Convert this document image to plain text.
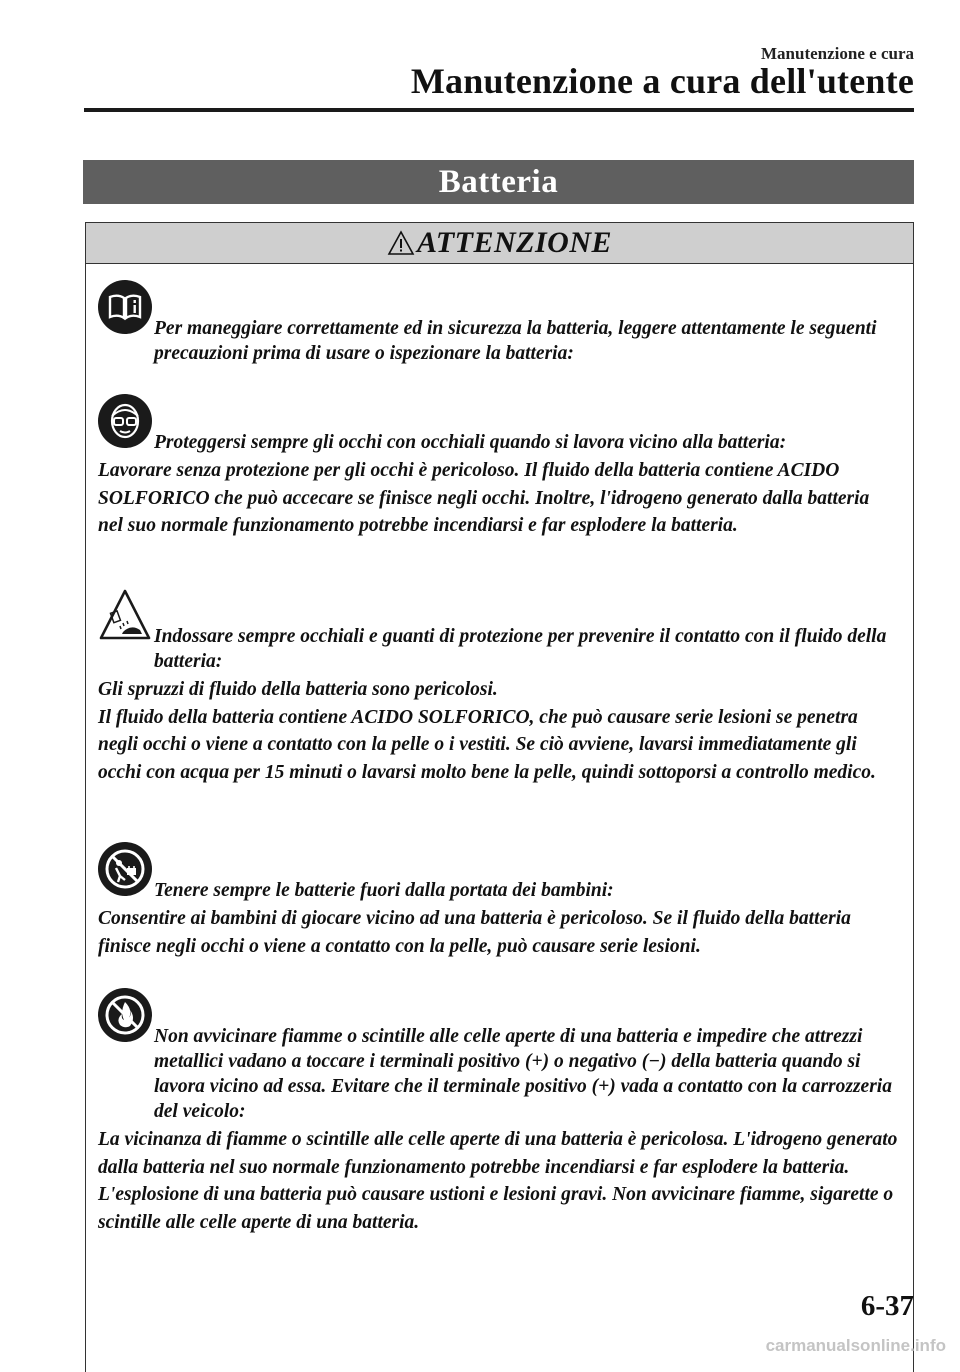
Manutenzione e cura
Manutenzione a cura dell'utente
Batteria
ATTENZIONE
Per maneggiare correttamente ed in sicurezza la batteria, leggere attentamente le seguenti precauzioni prima di usare o ispezionare la batteria:
Proteggersi sempre gli occhi con occhiali quando si lavora vicino alla batteria:
Lavorare senza protezione per gli occhi è pericoloso. Il fluido della batteria contiene ACIDO SOLFORICO che può accecare se finisce negli occhi. Inoltre, l'idrogeno generato dalla batteria nel suo normale funzionamento potrebbe incendiarsi e far esplodere la batteria.
Indossare sempre occhiali e guanti di protezione per prevenire il contatto con il fluido della batteria:
Gli spruzzi di fluido della batteria sono pericolosi.
Il fluido della batteria contiene ACIDO SOLFORICO, che può causare serie lesioni se penetra negli occhi o viene a contatto con la pelle o i vestiti. Se ciò avviene, lavarsi immediatamente gli occhi con acqua per 15 minuti o lavarsi molto bene la pelle, quindi sottoporsi a controllo medico.
Tenere sempre le batterie fuori dalla portata dei bambini:
Consentire ai bambini di giocare vicino ad una batteria è pericoloso. Se il fluido della batteria finisce negli occhi o viene a contatto con la pelle, può causare serie lesioni.
Non avvicinare fiamme o scintille alle celle aperte di una batteria e impedire che attrezzi metallici vadano a toccare i terminali positivo (+) o negativo (−) della batteria quando si lavora vicino ad essa. Evitare che il terminale positivo (+) vada a contatto con la carrozzeria del veicolo:
La vicinanza di fiamme o scintille alle celle aperte di una batteria è pericolosa. L'idrogeno generato dalla batteria nel suo normale funzionamento potrebbe incendiarsi e far esplodere la batteria. L'esplosione di una batteria può causare ustioni e lesioni gravi. Non avvicinare fiamme, sigarette o scintille alle celle aperte di una batteria.
6-37
carmanualsonline.info
